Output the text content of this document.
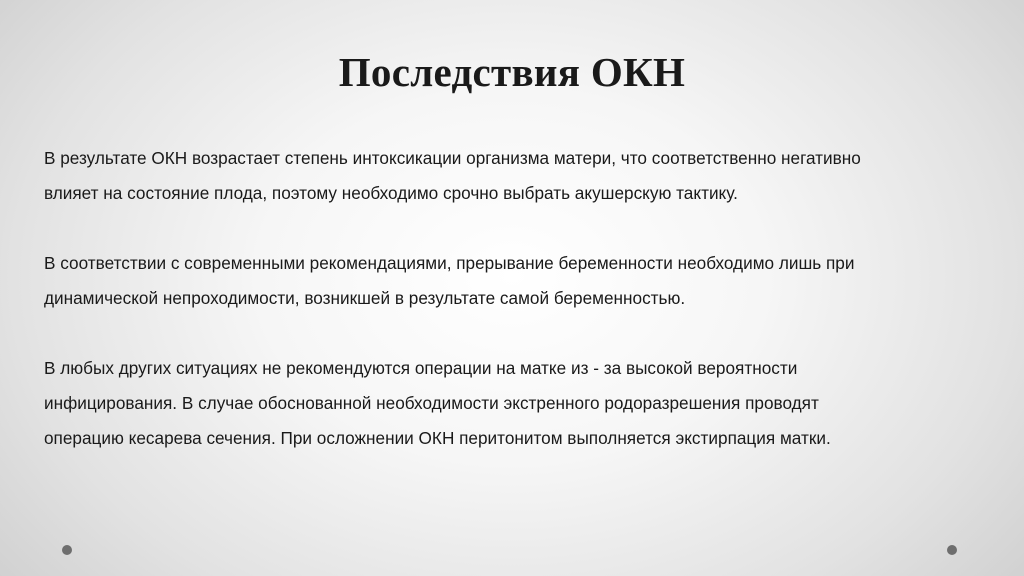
Последствия ОКН

В результате ОКН возрастает степень интоксикации организма матери, что соответственно негативно
влияет на состояние плода, поэтому необходимо срочно выбрать акушерскую тактику.

В соответствии с современными рекомендациями, прерывание беременности необходимо лишь при
динамической непроходимости, возникшей в результате самой беременностью.

В любых других ситуациях не рекомендуются операции на матке из - за высокой вероятности
инфицирования. В случае обоснованной необходимости экстренного родоразрешения проводят
операцию кесарева сечения. При осложнении ОКН перитонитом выполняется экстирпация матки.
